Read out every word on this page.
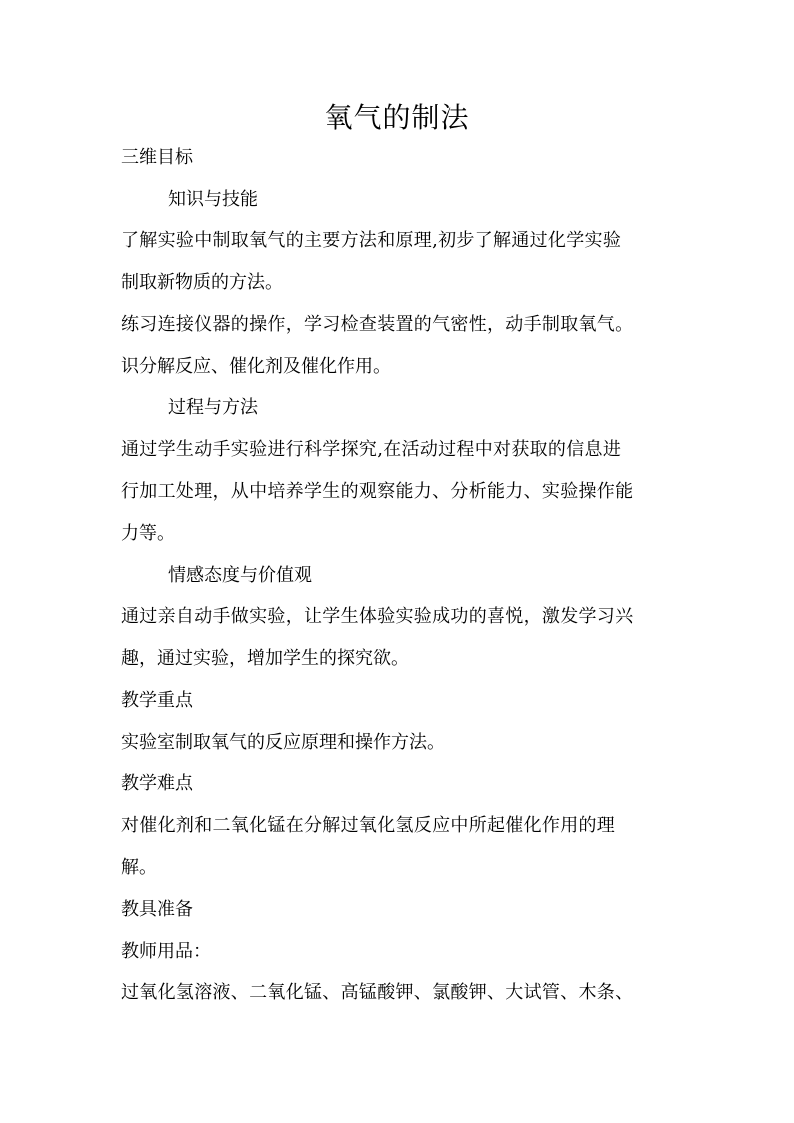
氧气的制法
三维目标
知识与技能
了解实验中制取氧气的主要方法和原理,初步了解通过化学实验
制取新物质的方法。
练习连接仪器的操作，学习检查装置的气密性，动手制取氧气。
识分解反应、催化剂及催化作用。
过程与方法
通过学生动手实验进行科学探究,在活动过程中对获取的信息进
行加工处理，从中培养学生的观察能力、分析能力、实验操作能
力等。
情感态度与价值观
通过亲自动手做实验，让学生体验实验成功的喜悦，激发学习兴
趣，通过实验，增加学生的探究欲。
教学重点
实验室制取氧气的反应原理和操作方法。
教学难点
对催化剂和二氧化锰在分解过氧化氢反应中所起催化作用的理
解。
教具准备
教师用品：
过氧化氢溶液、二氧化锰、高锰酸钾、氯酸钾、大试管、木条、
